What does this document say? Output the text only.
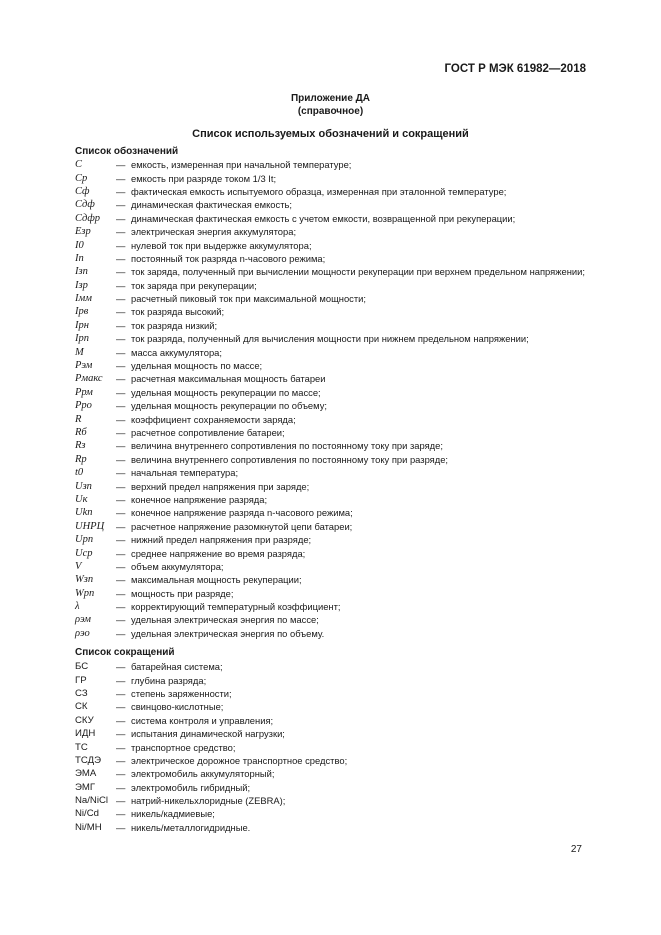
ГОСТ Р МЭК 61982—2018
Приложение ДА
(справочное)
Список используемых обозначений и сокращений
Список обозначений
C	— емкость, измеренная при начальной температуре;
Cр	— емкость при разряде током 1/3 It;
Cф	— фактическая емкость испытуемого образца, измеренная при эталонной температуре;
Cдф	— динамическая фактическая емкость;
Cдфр	— динамическая фактическая емкость с учетом емкости, возвращенной при рекуперации;
Eзр	— электрическая энергия аккумулятора;
I0	— нулевой ток при выдержке аккумулятора;
In	— постоянный ток разряда n-часового режима;
Iзп	— ток заряда, полученный при вычислении мощности рекуперации при верхнем предельном напряжении;
Iзр	— ток заряда при рекуперации;
Iмм	— расчетный пиковый ток при максимальной мощности;
Iрв	— ток разряда высокий;
Iрн	— ток разряда низкий;
Iрп	— ток разряда, полученный для вычисления мощности при нижнем предельном напряжении;
M	— масса аккумулятора;
Pэм	— удельная мощность по массе;
Pмакс	— расчетная максимальная мощность батареи
Pрм	— удельная мощность рекуперации по массе;
Pро	— удельная мощность рекуперации по объему;
R	— коэффициент сохраняемости заряда;
Rб	— расчетное сопротивление батареи;
Rз	— величина внутреннего сопротивления по постоянному току при заряде;
Rр	— величина внутреннего сопротивления по постоянному току при разряде;
t0	— начальная температура;
Uзп	— верхний предел напряжения при заряде;
Uк	— конечное напряжение разряда;
Ukn	— конечное напряжение разряда n-часового режима;
UНРЦ	— расчетное напряжение разомкнутой цепи батареи;
Uрп	— нижний предел напряжения при разряде;
Uср	— среднее напряжение во время разряда;
V	— объем аккумулятора;
Wзп	— максимальная мощность рекуперации;
Wрп	— мощность при разряде;
λ	— корректирующий температурный коэффициент;
ρэм	— удельная электрическая энергия по массе;
ρэо	— удельная электрическая энергия по объему.
Список сокращений
БС	— батарейная система;
ГР	— глубина разряда;
СЗ	— степень заряженности;
СК	— свинцово-кислотные;
СКУ	— система контроля и управления;
ИДН	— испытания динамической нагрузки;
ТС	— транспортное средство;
ТСДЭ	— электрическое дорожное транспортное средство;
ЭМА	— электромобиль аккумуляторный;
ЭМГ	— электромобиль гибридный;
Na/NiCl — натрий-никельхлоридные (ZEBRA);
Ni/Cd	— никель/кадмиевые;
Ni/MH	— никель/металлогидридные.
27
